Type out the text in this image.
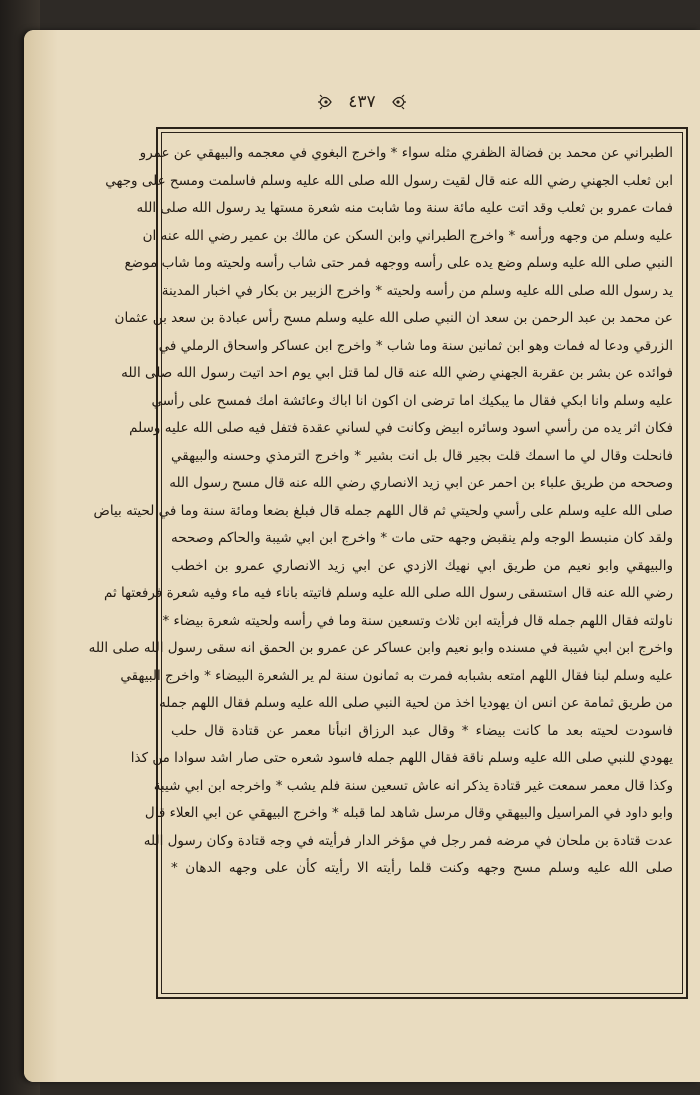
٤٣٧
الطبراني عن محمد بن فضالة الظفري مثله سواء * واخرج البغوي في معجمه والبيهقي عن عمرو
ابن ثعلب الجهني رضي الله عنه قال لقيت رسول الله صلى الله عليه وسلم فاسلمت ومسح على وجهي
فمات عمرو بن ثعلب وقد اتت عليه مائة سنة وما شابت منه شعرة مستها يد رسول الله صلى الله
عليه وسلم من وجهه ورأسه * واخرج الطبراني وابن السكن عن مالك بن عمير رضي الله عنه ان
النبي صلى الله عليه وسلم وضع يده على رأسه ووجهه فمر حتى شاب رأسه ولحيته وما شاب موضع
يد رسول الله صلى الله عليه وسلم من رأسه ولحيته * واخرج الزبير بن بكار في اخبار المدينة
عن محمد بن عبد الرحمن بن سعد ان النبي صلى الله عليه وسلم مسح رأس عبادة بن سعد بن عثمان
الزرقي ودعا له فمات وهو ابن ثمانين سنة وما شاب * واخرج ابن عساكر واسحاق الرملي في
فوائده عن بشر بن عقربة الجهني رضي الله عنه قال لما قتل ابي يوم احد اتيت رسول الله صلى الله
عليه وسلم وانا ابكي فقال ما يبكيك اما ترضى ان اكون انا اباك وعائشة امك فمسح على رأسي
فكان اثر يده من رأسي اسود وسائره ابيض وكانت في لساني عقدة فتفل فيه صلى الله عليه وسلم
فانحلت وقال لي ما اسمك قلت بجير قال بل انت بشير * واخرج الترمذي وحسنه والبيهقي
وصححه من طريق علباء بن احمر عن ابي زيد الانصاري رضي الله عنه قال مسح رسول الله
صلى الله عليه وسلم على رأسي ولحيتي ثم قال اللهم جمله قال فبلغ بضعا ومائة سنة وما في لحيته بياض
ولقد كان منبسط الوجه ولم ينقبض وجهه حتى مات * واخرج ابن ابي شيبة والحاكم وصححه
والبيهقي وابو نعيم من طريق ابي نهيك الازدي عن ابي زيد الانصاري عمرو بن اخطب
رضي الله عنه قال استسقى رسول الله صلى الله عليه وسلم فاتيته باناء فيه ماء وفيه شعرة فرفعتها ثم
ناولته فقال اللهم جمله قال فرأيته ابن ثلاث وتسعين سنة وما في رأسه ولحيته شعرة بيضاء *
واخرج ابن ابي شيبة في مسنده وابو نعيم وابن عساكر عن عمرو بن الحمق انه سقى رسول الله صلى الله
عليه وسلم لبنا فقال اللهم امتعه بشبابه فمرت به ثمانون سنة لم ير الشعرة البيضاء * واخرج البيهقي
من طريق ثمامة عن انس ان يهوديا اخذ من لحية النبي صلى الله عليه وسلم فقال اللهم جمله
فاسودت لحيته بعد ما كانت بيضاء * وقال عبد الرزاق انبأنا معمر عن قتادة قال حلب
يهودي للنبي صلى الله عليه وسلم ناقة فقال اللهم جمله فاسود شعره حتى صار اشد سوادا من كذا
وكذا قال معمر سمعت غير قتادة يذكر انه عاش تسعين سنة فلم يشب * واخرجه ابن ابي شيبة
وابو داود في المراسيل والبيهقي وقال مرسل شاهد لما قبله * واخرج البيهقي عن ابي العلاء قال
عدت قتادة بن ملحان في مرضه فمر رجل في مؤخر الدار فرأيته في وجه قتادة وكان رسول الله
صلى الله عليه وسلم مسح وجهه وكنت قلما رأيته الا رأيته كأن على وجهه الدهان *
